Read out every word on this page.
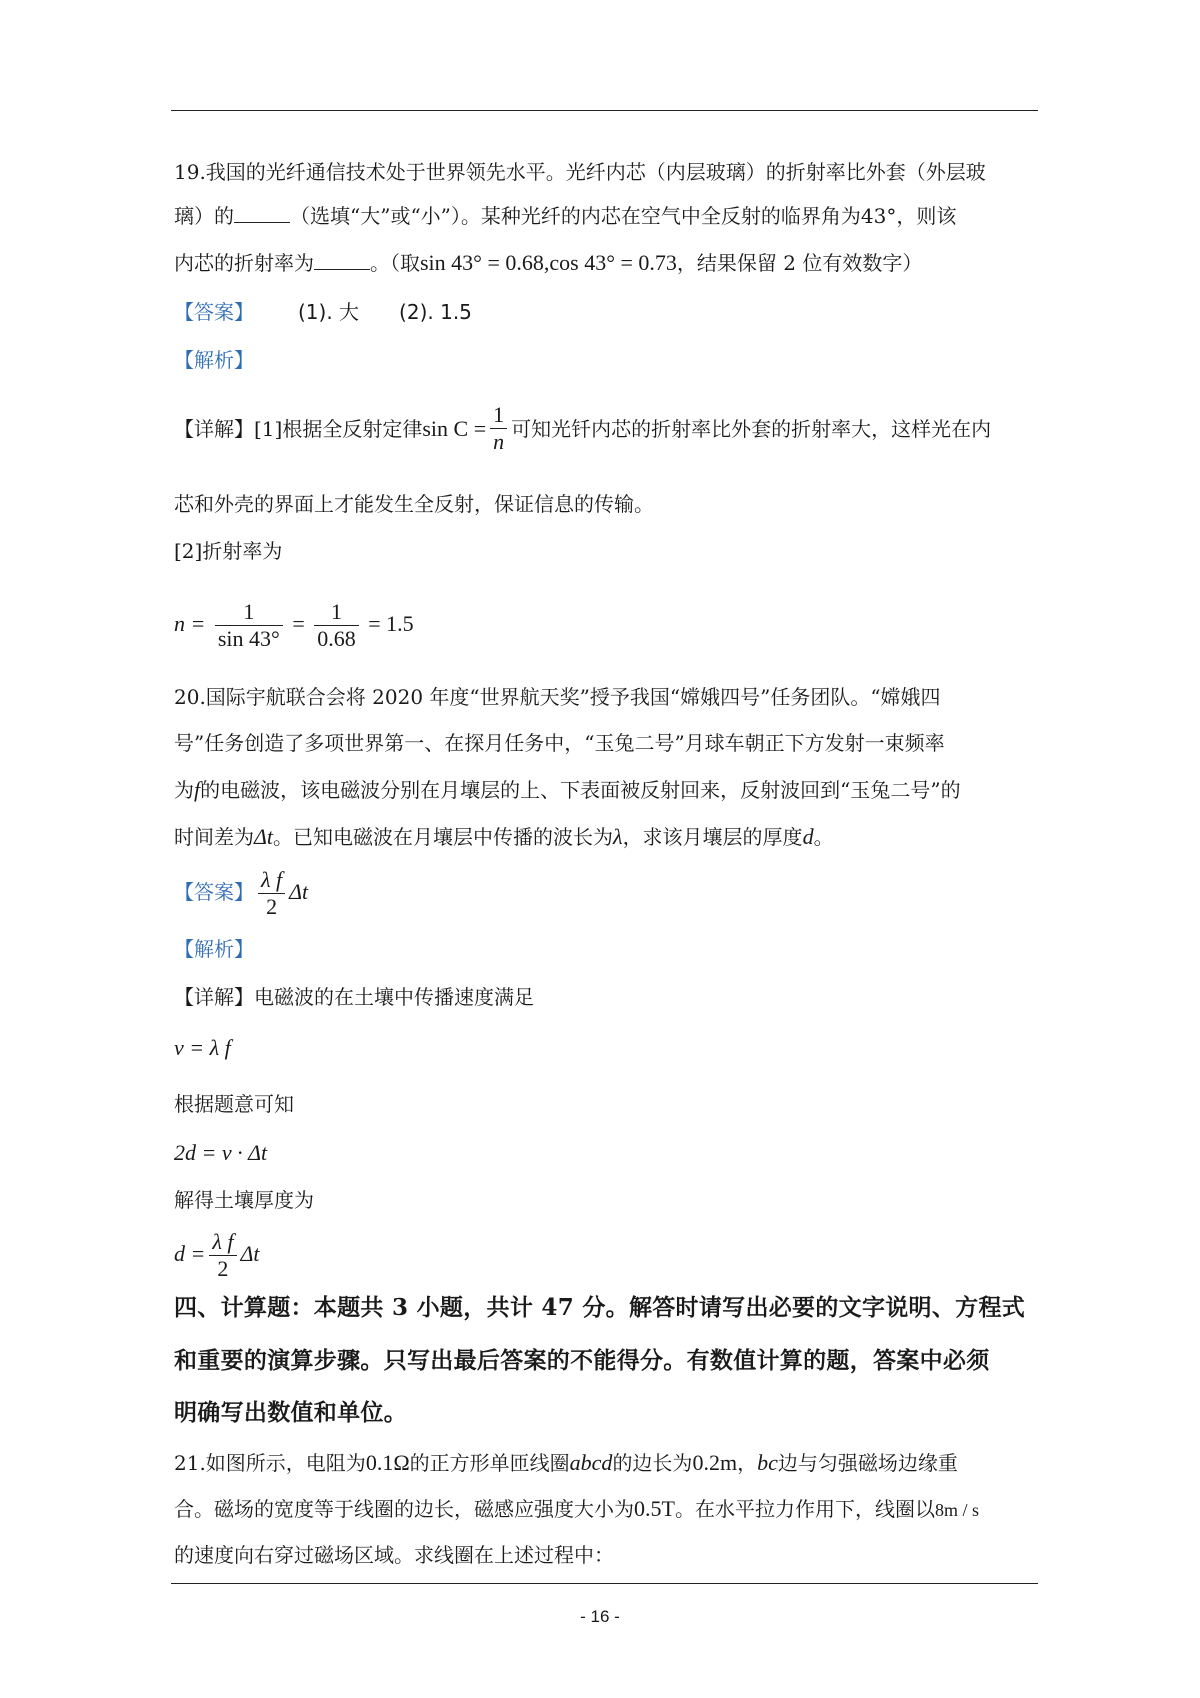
19.我国的光纤通信技术处于世界领先水平。光纤内芯（内层玻璃）的折射率比外套（外层玻
璃）的	（选填“大”或“小”）。某种光纤的内芯在空气中全反射的临界角为43°，则该
内芯的折射率为	。（取sin 43° = 0.68,cos 43° = 0.73，结果保留 2 位有效数字）
【答案】 (1). 大 (2). 1.5
【解析】
【详解】[1]根据全反射定律$\sin C = \frac{1}{n}$ 可知光钎内芯的折射率比外套的折射率大，这样光在内
芯和外壳的界面上才能发生全反射，保证信息的传输。
[2]折射率为
$n = \frac{1}{\sin 43^\circ} = \frac{1}{0.68} = 1.5$
20.国际宇航联合会将 2020 年度“世界航天奖”授予我国“嫦娥四号”任务团队。“嫦娥四
号”任务创造了多项世界第一、在探月任务中，“玉兔二号”月球车朝正下方发射一束频率
为f的电磁波，该电磁波分别在月壤层的上、下表面被反射回来，反射波回到“玉兔二号”的
时间差为Δt。已知电磁波在月壤层中传播的波长为λ，求该月壤层的厚度d。
【答案】 $\frac{\text{λ f}}{2}$ Δt
【解析】
【详解】电磁波的在土壤中传播速度满足
v = λ f
根据题意可知
2d = v · Δt
解得土壤厚度为
$d = \frac{\text{λ f}}{2}$ Δt
四、计算题：本题共 3 小题，共计 47 分。解答时请写出必要的文字说明、方程式
和重要的演算步骤。只写出最后答案的不能得分。有数值计算的题，答案中必须
明确写出数值和单位。
21.如图所示，电阻为0.1Ω的正方形单匝线圈abcd的边长为0.2m，bc边与匀强磁场边缘重
合。磁场的宽度等于线圈的边长，磁感应强度大小为0.5T。在水平拉力作用下，线圈以8m / s
的速度向右穿过磁场区域。求线圈在上述过程中：
- 16 -
